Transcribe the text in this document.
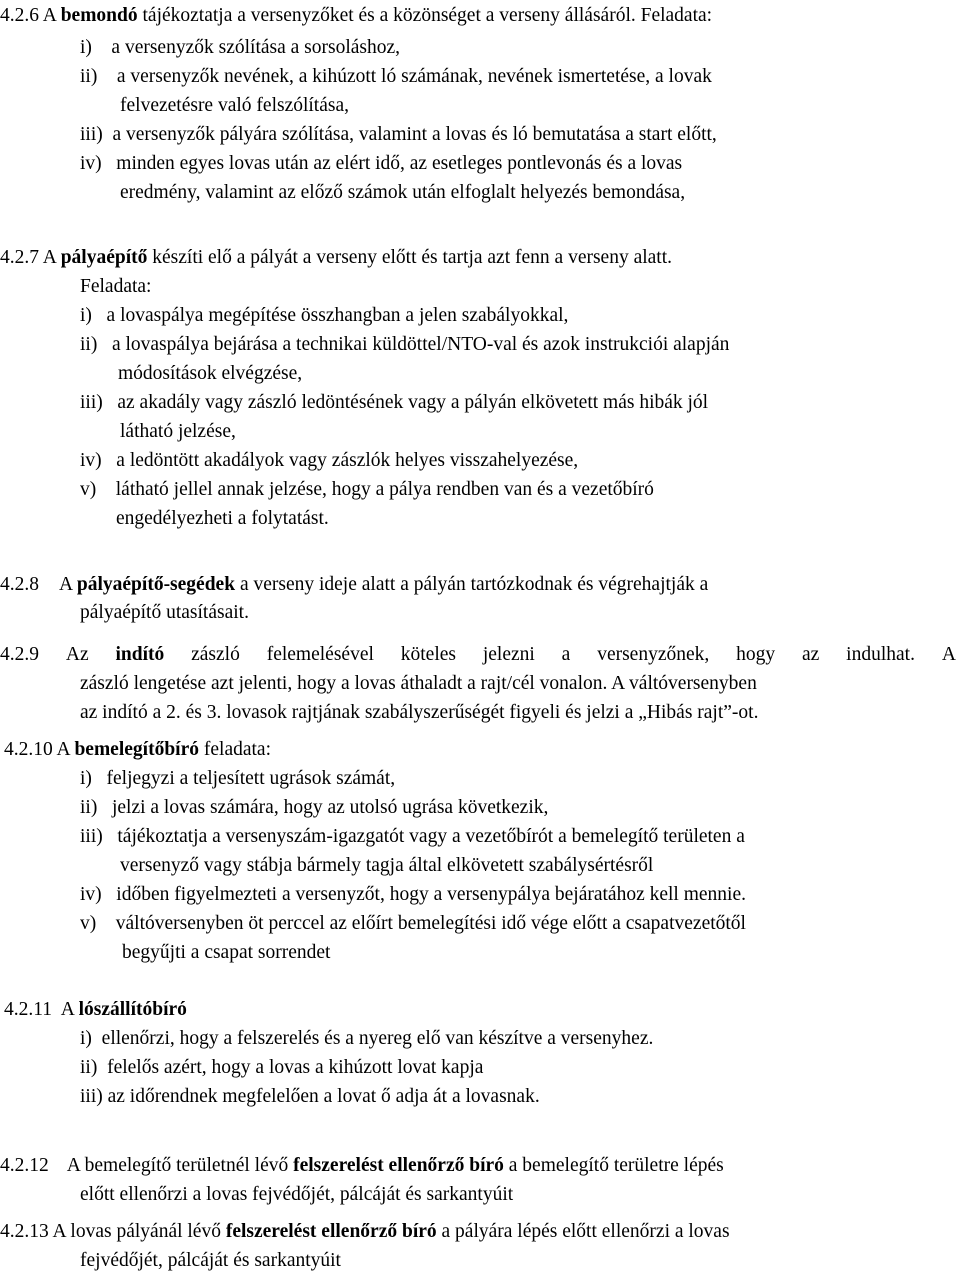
4.2.6 A bemondó tájékoztatja a versenyzőket és a közönséget a verseny állásáról. Feladata:
i)    a versenyzők szólítása a sorsoláshoz,
ii)    a versenyzők nevének, a kihúzott ló számának, nevének ismertetése, a lovak
felvezetésre való felszólítása,
iii)  a versenyzők pályára szólítása, valamint a lovas és ló bemutatása a start előtt,
iv)   minden egyes lovas után az elért idő, az esetleges pontlevonás és a lovas
eredmény, valamint az előző számok után elfoglalt helyezés bemondása,
4.2.7 A pályaépítő készíti elő a pályát a verseny előtt és tartja azt fenn a verseny alatt.
Feladata:
i)   a lovaspálya megépítése összhangban a jelen szabályokkal,
ii)   a lovaspálya bejárása a technikai küldöttel/NTO-val és azok instrukciói alapján
módosítások elvégzése,
iii)   az akadály vagy zászló ledöntésének vagy a pályán elkövetett más hibák jól
látható jelzése,
iv)   a ledöntött akadályok vagy zászlók helyes visszahelyezése,
v)    látható jellel annak jelzése, hogy a pálya rendben van és a vezetőbíró
engedélyezheti a folytatást.
4.2.8 A pályaépítő-segédek a verseny ideje alatt a pályán tartózkodnak és végrehajtják a
pályaépítő utasításait.
4.2.9 Az indító zászló felemelésével köteles jelezni a versenyzőnek, hogy az indulhat. A
zászló lengetése azt jelenti, hogy a lovas áthaladt a rajt/cél vonalon. A váltóversenyben
az indító a 2. és 3. lovasok rajtjának szabályszerűségét figyeli és jelzi a „Hibás rajt”-ot.
4.2.10 A bemelegítőbíró feladata:
i)   feljegyzi a teljesített ugrások számát,
ii)   jelzi a lovas számára, hogy az utolsó ugrása következik,
iii)   tájékoztatja a versenyszám-igazgatót vagy a vezetőbírót a bemelegítő területen a
versenyző vagy stábja bármely tagja által elkövetett szabálysértésről
iv)   időben figyelmezteti a versenyzőt, hogy a versenypálya bejáratához kell mennie.
v)    váltóversenyben öt perccel az előírt bemelegítési idő vége előtt a csapatvezetőtől
begyűjti a csapat sorrendet
4.2.11  A lószállítóbíró
i)  ellenőrzi, hogy a felszerelés és a nyereg elő van készítve a versenyhez.
ii)  felelős azért, hogy a lovas a kihúzott lovat kapja
iii) az időrendnek megfelelően a lovat ő adja át a lovasnak.
4.2.12 A bemelegítő területnél lévő felszerelést ellenőrző bíró a bemelegítő területre lépés
előtt ellenőrzi a lovas fejvédőjét, pálcáját és sarkantyúit
4.2.13 A lovas pályánál lévő felszerelést ellenőrző bíró a pályára lépés előtt ellenőrzi a lovas
fejvédőjét, pálcáját és sarkantyúit
